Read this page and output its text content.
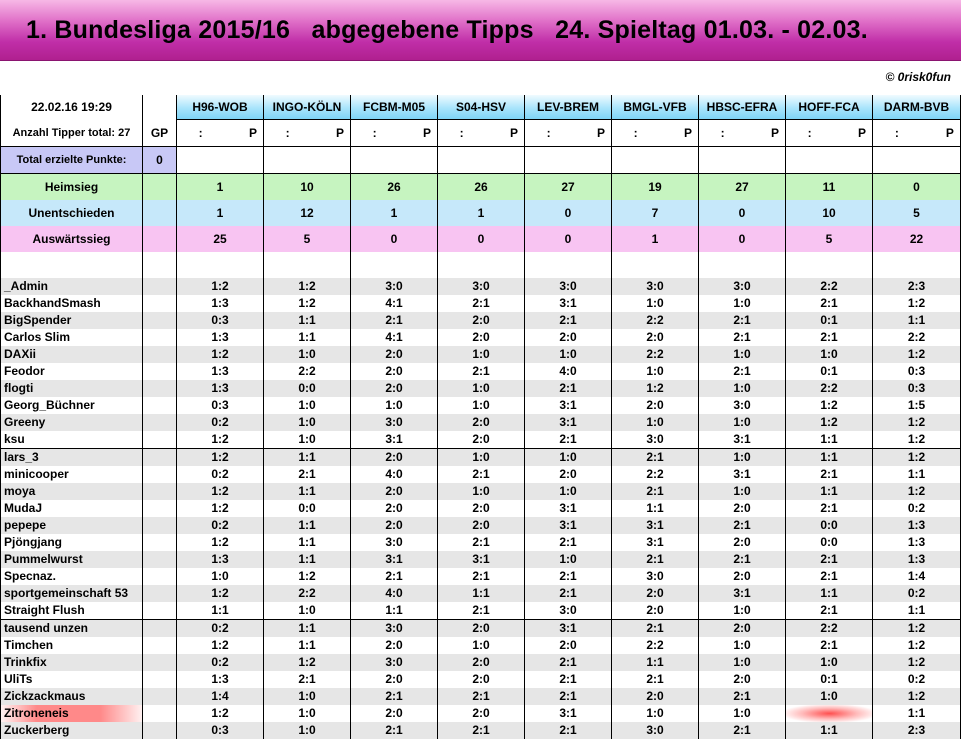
1. Bundesliga 2015/16   abgegebene Tipps   24. Spieltag 01.03. - 02.03.
© 0risk0fun
22.02.16 19:29		H96-WOB	INGO-KÖLN	FCBM-M05	S04-HSV	LEV-BREM	BMGL-VFB	HBSC-EFRA	HOFF-FCA	DARM-BVB
Anzahl Tipper total: 27	GP	: P	: P	: P	: P	: P	: P	: P	: P	: P
Total erzielte Punkte:	0									
Heimsieg		1	10	26	26	27	19	27	11	0
Unentschieden		1	12	1	1	0	7	0	10	5
Auswärtssieg		25	5	0	0	0	1	0	5	22

_Admin		1:2	1:2	3:0	3:0	3:0	3:0	3:0	2:2	2:3
BackhandSmash		1:3	1:2	4:1	2:1	3:1	1:0	1:0	2:1	1:2
BigSpender		0:3	1:1	2:1	2:0	2:1	2:2	2:1	0:1	1:1
Carlos Slim		1:3	1:1	4:1	2:0	2:0	2:0	2:1	2:1	2:2
DAXii		1:2	1:0	2:0	1:0	1:0	2:2	1:0	1:0	1:2
Feodor		1:3	2:2	2:0	2:1	4:0	1:0	2:1	0:1	0:3
flogti		1:3	0:0	2:0	1:0	2:1	1:2	1:0	2:2	0:3
Georg_Büchner		0:3	1:0	1:0	1:0	3:1	2:0	3:0	1:2	1:5
Greeny		0:2	1:0	3:0	2:0	3:1	1:0	1:0	1:2	1:2
ksu		1:2	1:0	3:1	2:0	2:1	3:0	3:1	1:1	1:2
lars_3		1:2	1:1	2:0	1:0	1:0	2:1	1:0	1:1	1:2
minicooper		0:2	2:1	4:0	2:1	2:0	2:2	3:1	2:1	1:1
moya		1:2	1:1	2:0	1:0	1:0	2:1	1:0	1:1	1:2
MudaJ		1:2	0:0	2:0	2:0	3:1	1:1	2:0	2:1	0:2
pepepe		0:2	1:1	2:0	2:0	3:1	3:1	2:1	0:0	1:3
Pjöngjang		1:2	1:1	3:0	2:1	2:1	3:1	2:0	0:0	1:3
Pummelwurst		1:3	1:1	3:1	3:1	1:0	2:1	2:1	2:1	1:3
Specnaz.		1:0	1:2	2:1	2:1	2:1	3:0	2:0	2:1	1:4
sportgemeinschaft 53		1:2	2:2	4:0	1:1	2:1	2:0	3:1	1:1	0:2
Straight Flush		1:1	1:0	1:1	2:1	3:0	2:0	1:0	2:1	1:1
tausend unzen		0:2	1:1	3:0	2:0	3:1	2:1	2:0	2:2	1:2
Timchen		1:2	1:1	2:0	1:0	2:0	2:2	1:0	2:1	1:2
Trinkfix		0:2	1:2	3:0	2:0	2:1	1:1	1:0	1:0	1:2
UliTs		1:3	2:1	2:0	2:0	2:1	2:1	2:0	0:1	0:2
Zickzackmaus		1:4	1:0	2:1	2:1	2:1	2:0	2:1	1:0	1:2
Zitroneneis		1:2	1:0	2:0	2:0	3:1	1:0	1:0		1:1
Zuckerberg		0:3	1:0	2:1	2:1	2:1	3:0	2:1	1:1	2:3
